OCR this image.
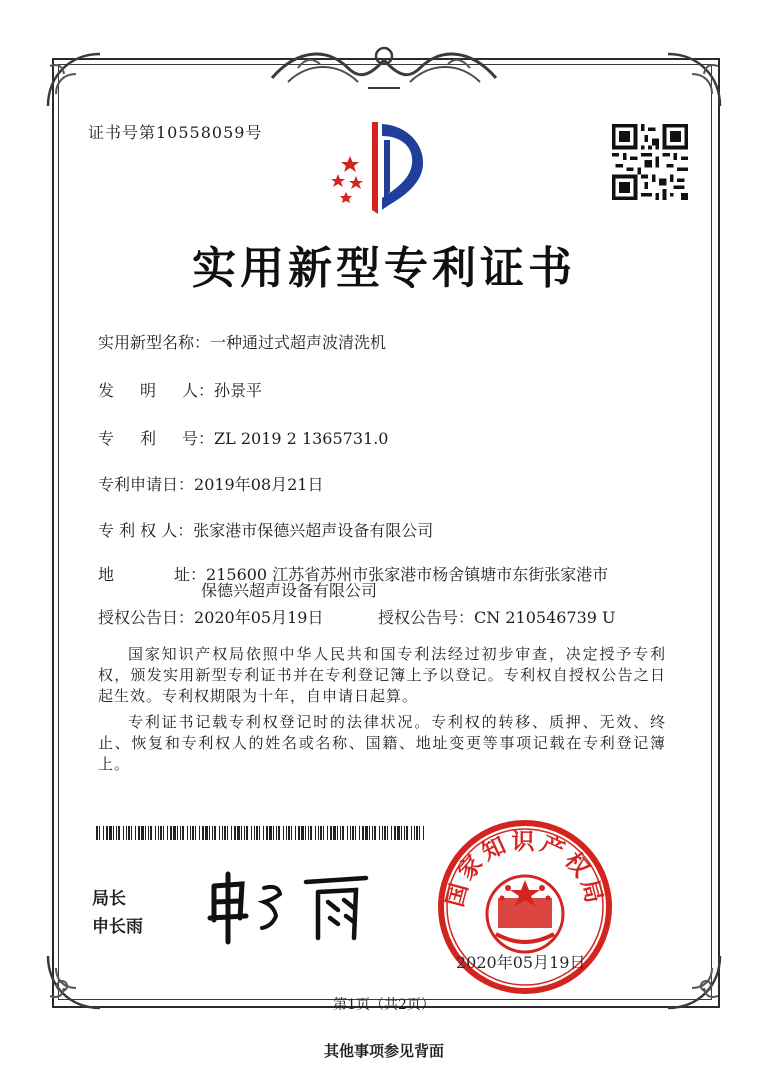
证书号第10558059号
实用新型专利证书
实用新型名称：一种通过式超声波清洗机
发 明 人：孙景平
专 利 号：ZL 2019 2 1365731.0
专利申请日：2019年08月21日
专 利 权 人：张家港市保德兴超声设备有限公司
地	址：215600 江苏省苏州市张家港市杨舍镇塘市东街张家港市
保德兴超声设备有限公司
授权公告日：2020年05月19日	授权公告号：CN 210546739 U
国家知识产权局依照中华人民共和国专利法经过初步审查，决定授予专利权，颁发实用新型专利证书并在专利登记簿上予以登记。专利权自授权公告之日起生效。专利权期限为十年，自申请日起算。
专利证书记载专利权登记时的法律状况。专利权的转移、质押、无效、终止、恢复和专利权人的姓名或名称、国籍、地址变更等事项记载在专利登记簿上。
局长
申长雨
国家知识产权局
2020年05月19日
第1页（共2页）
其他事项参见背面
